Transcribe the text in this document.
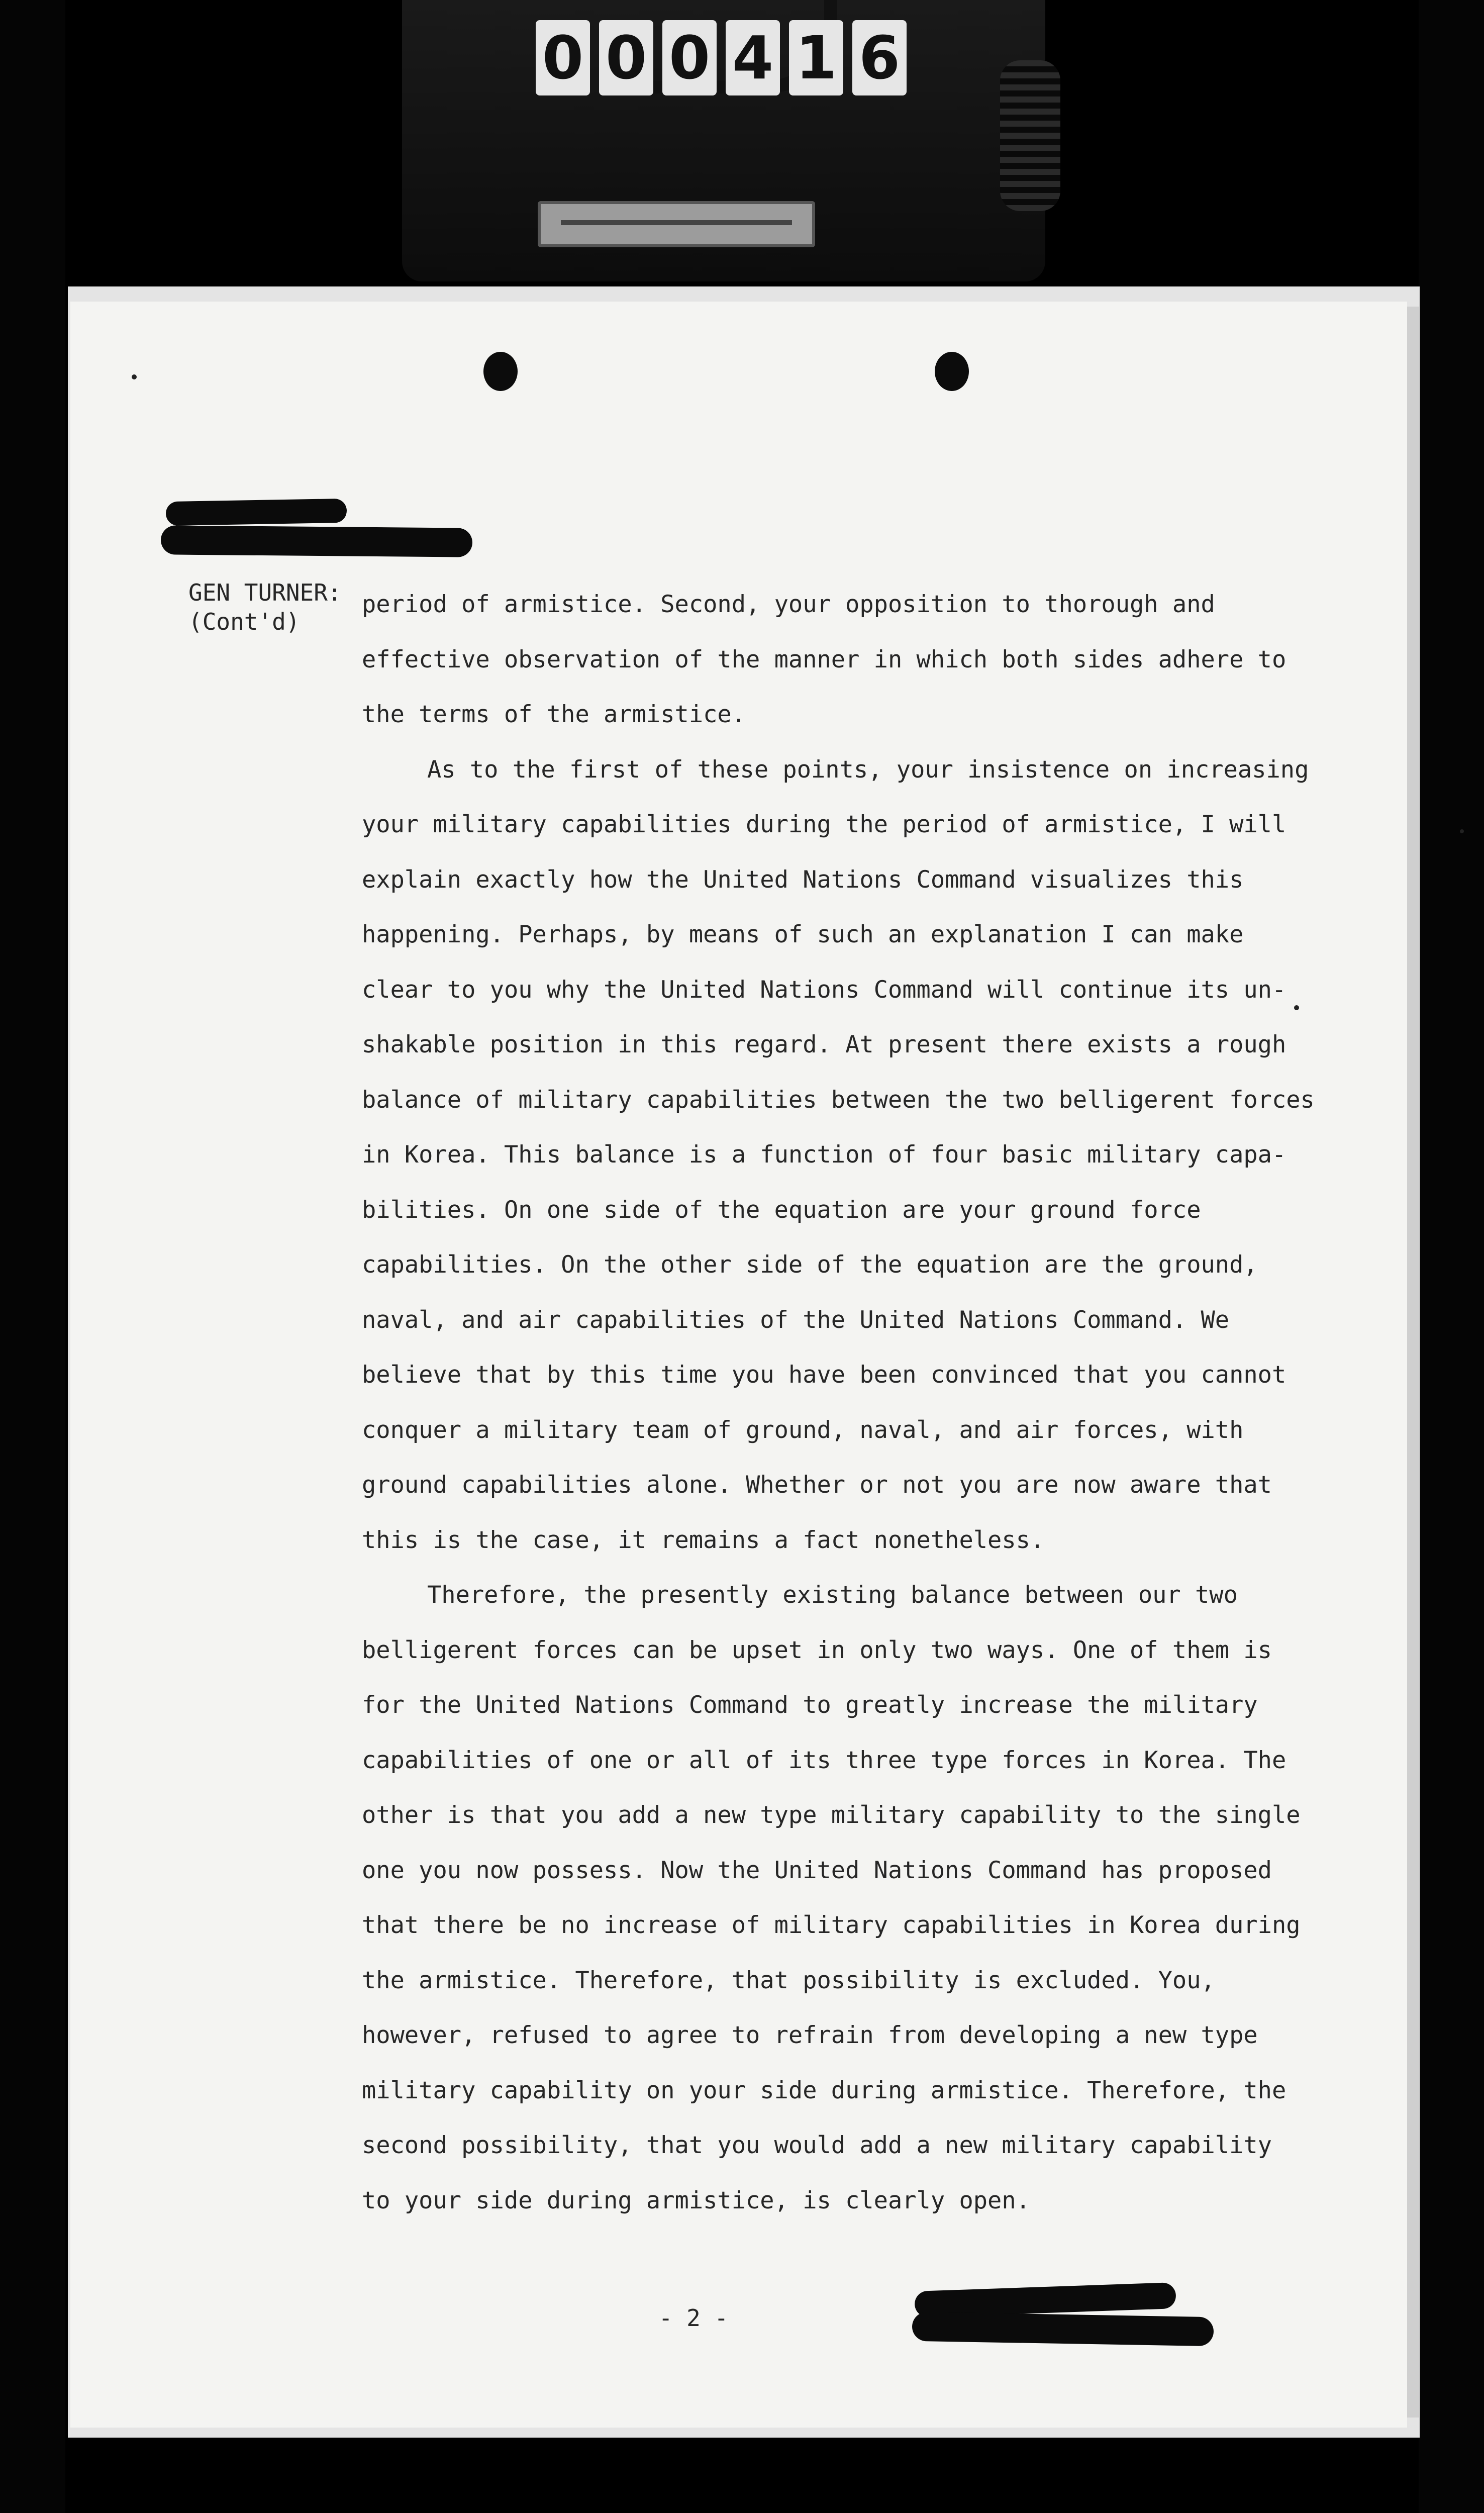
0 0 0 4 1 6
GEN TURNER:
(Cont'd)
period of armistice. Second, your opposition to thorough and
effective observation of the manner in which both sides adhere to
the terms of the armistice.
As to the first of these points, your insistence on increasing
your military capabilities during the period of armistice, I will
explain exactly how the United Nations Command visualizes this
happening. Perhaps, by means of such an explanation I can make
clear to you why the United Nations Command will continue its un-
shakable position in this regard. At present there exists a rough
balance of military capabilities between the two belligerent forces
in Korea. This balance is a function of four basic military capa-
bilities. On one side of the equation are your ground force
capabilities. On the other side of the equation are the ground,
naval, and air capabilities of the United Nations Command. We
believe that by this time you have been convinced that you cannot
conquer a military team of ground, naval, and air forces, with
ground capabilities alone. Whether or not you are now aware that
this is the case, it remains a fact nonetheless.
Therefore, the presently existing balance between our two
belligerent forces can be upset in only two ways. One of them is
for the United Nations Command to greatly increase the military
capabilities of one or all of its three type forces in Korea. The
other is that you add a new type military capability to the single
one you now possess. Now the United Nations Command has proposed
that there be no increase of military capabilities in Korea during
the armistice. Therefore, that possibility is excluded. You,
however, refused to agree to refrain from developing a new type
military capability on your side during armistice. Therefore, the
second possibility, that you would add a new military capability
to your side during armistice, is clearly open.
- 2 -
